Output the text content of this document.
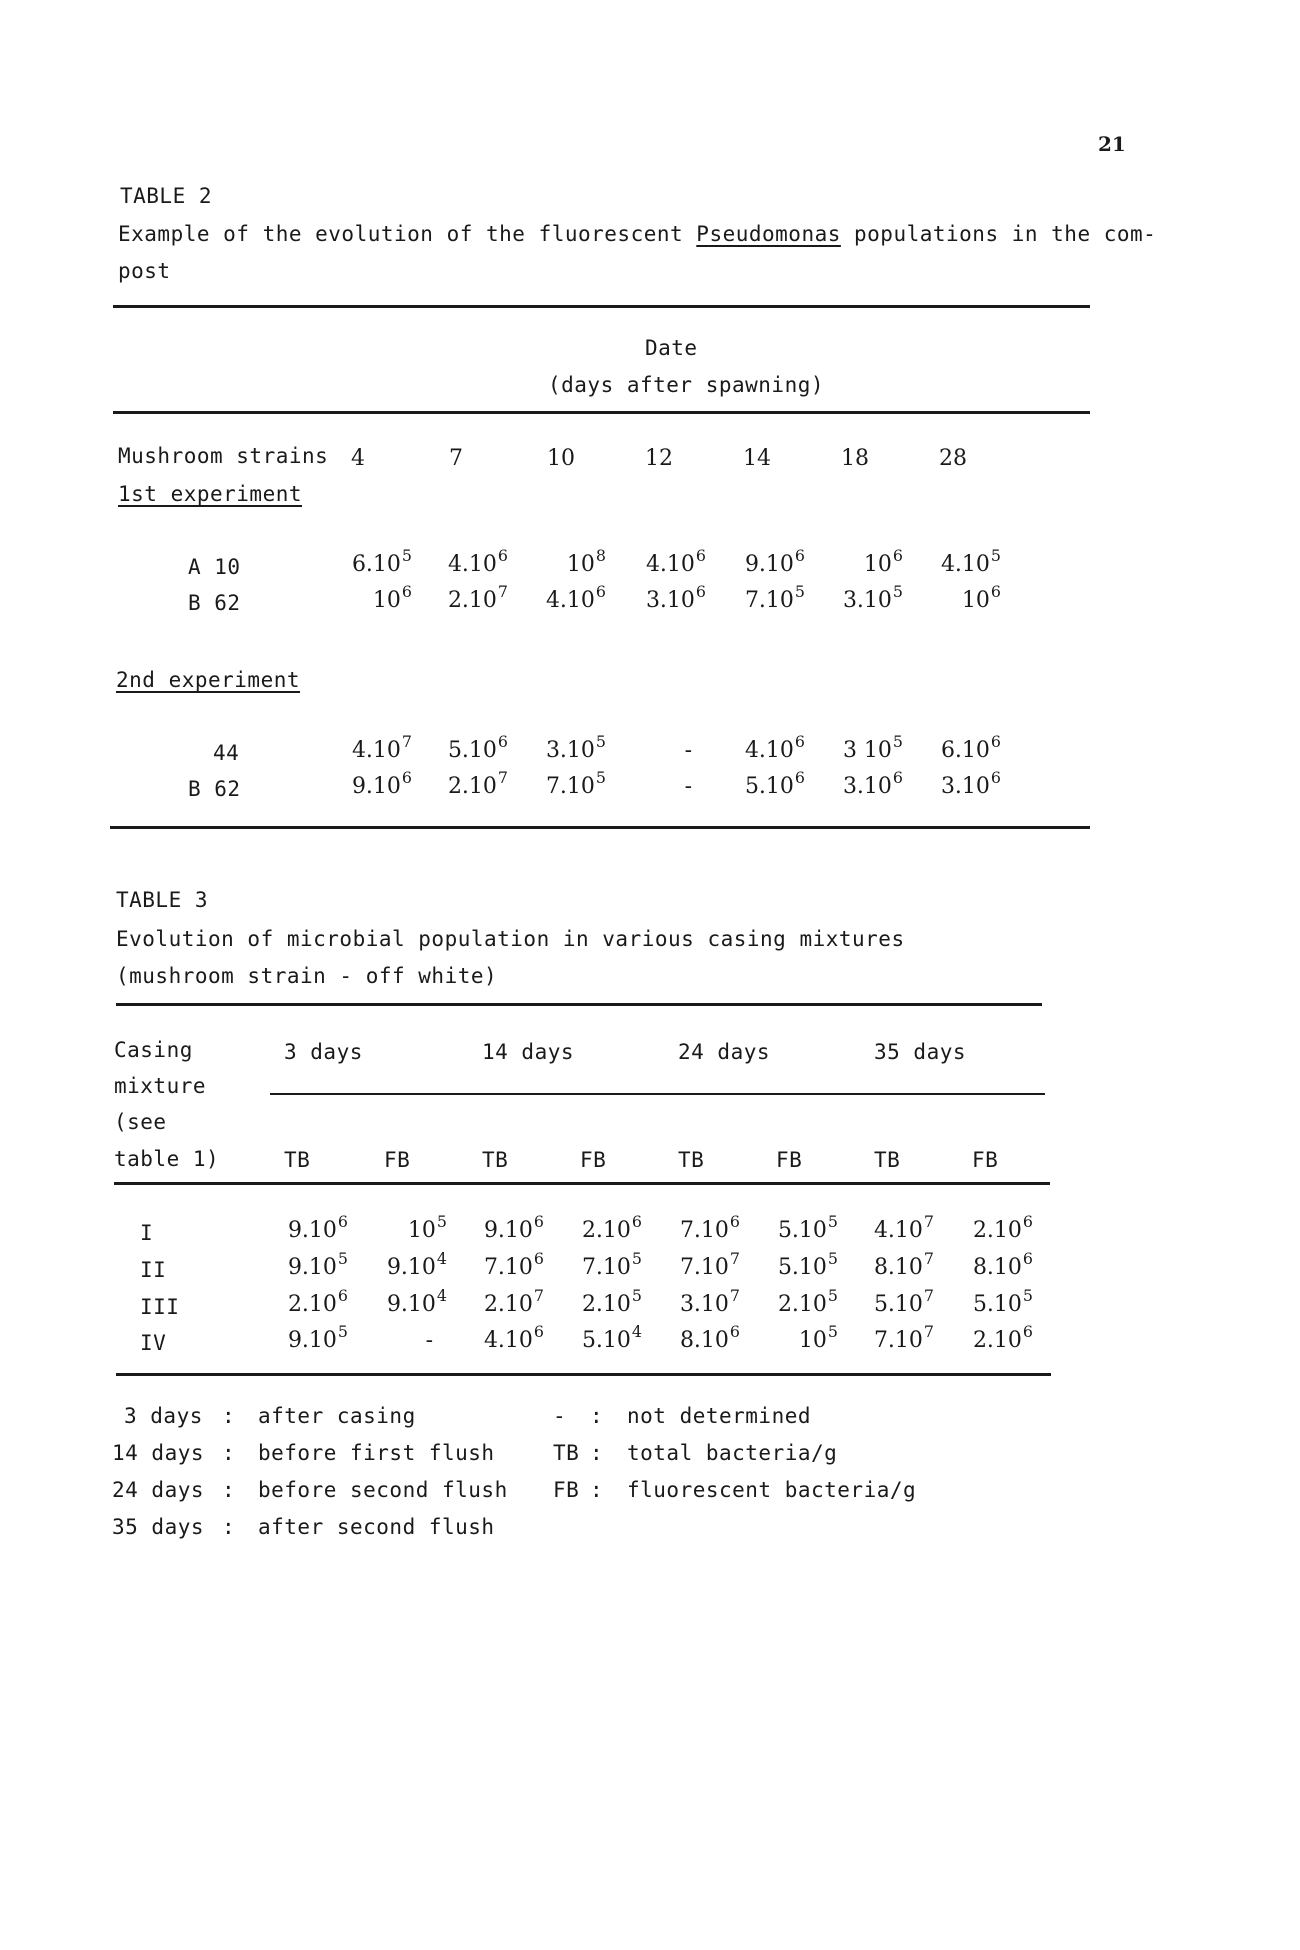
21
TABLE 2
Example of the evolution of the fluorescent Pseudomonas populations in the com-
post
Date
(days after spawning)
Mushroom strains 4	7	10	12	14	18	28
1st experiment
A 10	6.10$^5$	4.10$^6$	$10^8$	4.10$^6$	9.10$^6$	$10^6$	4.10$^5$
B 62	$10^6$	2.10$^7$	4.10$^6$	3.10$^6$	7.10$^5$	3.10$^5$	$10^6$
2nd experiment
44	4.10$^7$	5.10$^6$	3.10$^5$	-	4.10$^6$	3 $10^5$	6.10$^6$
B 62	9.10$^6$	2.10$^7$	7.10$^5$	-	5.10$^6$	3.10$^6$	3.10$^6$
TABLE 3
Evolution of microbial population in various casing mixtures
(mushroom strain - off white)
Casing
mixture
(see
table 1)
3 days	14 days	24 days	35 days
TB	FB	TB	FB	TB	FB	TB	FB
I	9.10$^6$	$10^5$	9.10$^6$	2.10$^6$	7.10$^6$	5.10$^5$	4.10$^7$	2.10$^6$
II	9.10$^5$	9.10$^4$	7.10$^6$	7.10$^5$	7.10$^7$	5.10$^5$	8.10$^7$	8.10$^6$
III	2.10$^6$	9.10$^4$	2.10$^7$	2.10$^5$	3.10$^7$	2.10$^5$	5.10$^7$	5.10$^5$
IV	9.10$^5$	-	4.10$^6$	5.10$^4$	8.10$^6$	$10^5$	7.10$^7$	2.10$^6$
3 days : after casing
14 days : before first flush
24 days : before second flush
35 days : after second flush
- : not determined
TB : total bacteria/g
FB : fluorescent bacteria/g
